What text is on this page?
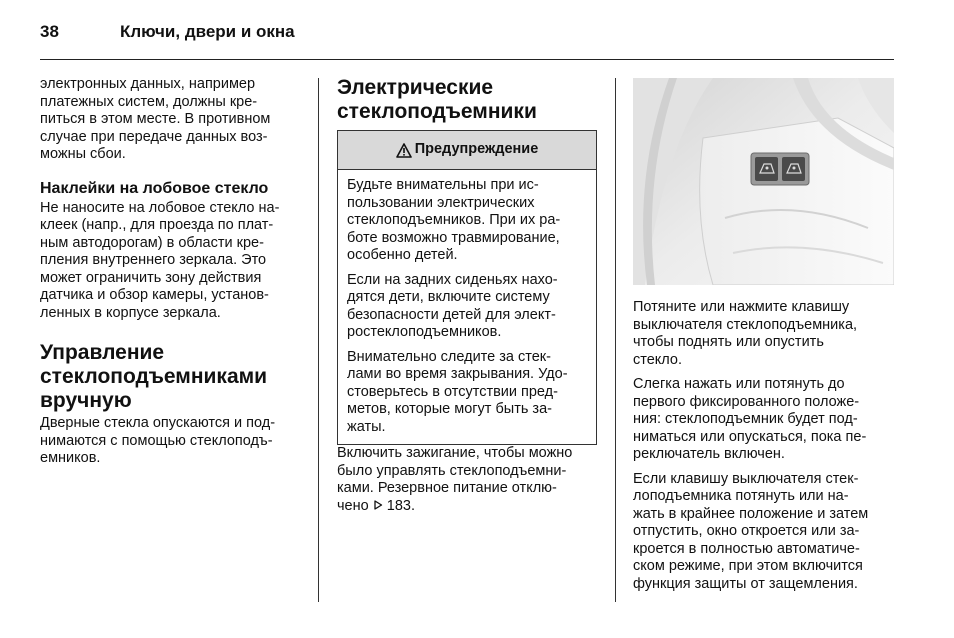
38	Ключи, двери и окна

электронных данных, например
платежных систем, должны кре-
питься в этом месте. В противном
случае при передаче данных воз-
можны сбои.

Наклейки на лобовое стекло

Не наносите на лобовое стекло на-
клеек (напр., для проезда по плат-
ным автодорогам) в области кре-
пления внутреннего зеркала. Это
может ограничить зону действия
датчика и обзор камеры, установ-
ленных в корпусе зеркала.

Управление
стеклоподъемниками
вручную

Дверные стекла опускаются и под-
нимаются с помощью стеклоподъ-
емников.

Электрические
стеклоподъемники
Предупреждение

Будьте внимательны при ис-
пользовании электрических
стеклоподъемников. При их ра-
боте возможно травмирование,
особенно детей.

Если на задних сиденьях нахо-
дятся дети, включите систему
безопасности детей для элект-
ростеклоподъемников.

Внимательно следите за стек-
лами во время закрывания. Удо-
стоверьтесь в отсутствии пред-
метов, которые могут быть за-
жаты.

Включить зажигание, чтобы можно
было управлять стеклоподъемни-
ками. Резервное питание отклю-
чено 183.

Потяните или нажмите клавишу
выключателя стеклоподъемника,
чтобы поднять или опустить
стекло.

Слегка нажать или потянуть до
первого фиксированного положе-
ния: стеклоподъемник будет под-
ниматься или опускаться, пока пе-
реключатель включен.

Если клавишу выключателя стек-
лоподъемника потянуть или на-
жать в крайнее положение и затем
отпустить, окно откроется или за-
кроется в полностью автоматиче-
ском режиме, при этом включится
функция защиты от защемления.
